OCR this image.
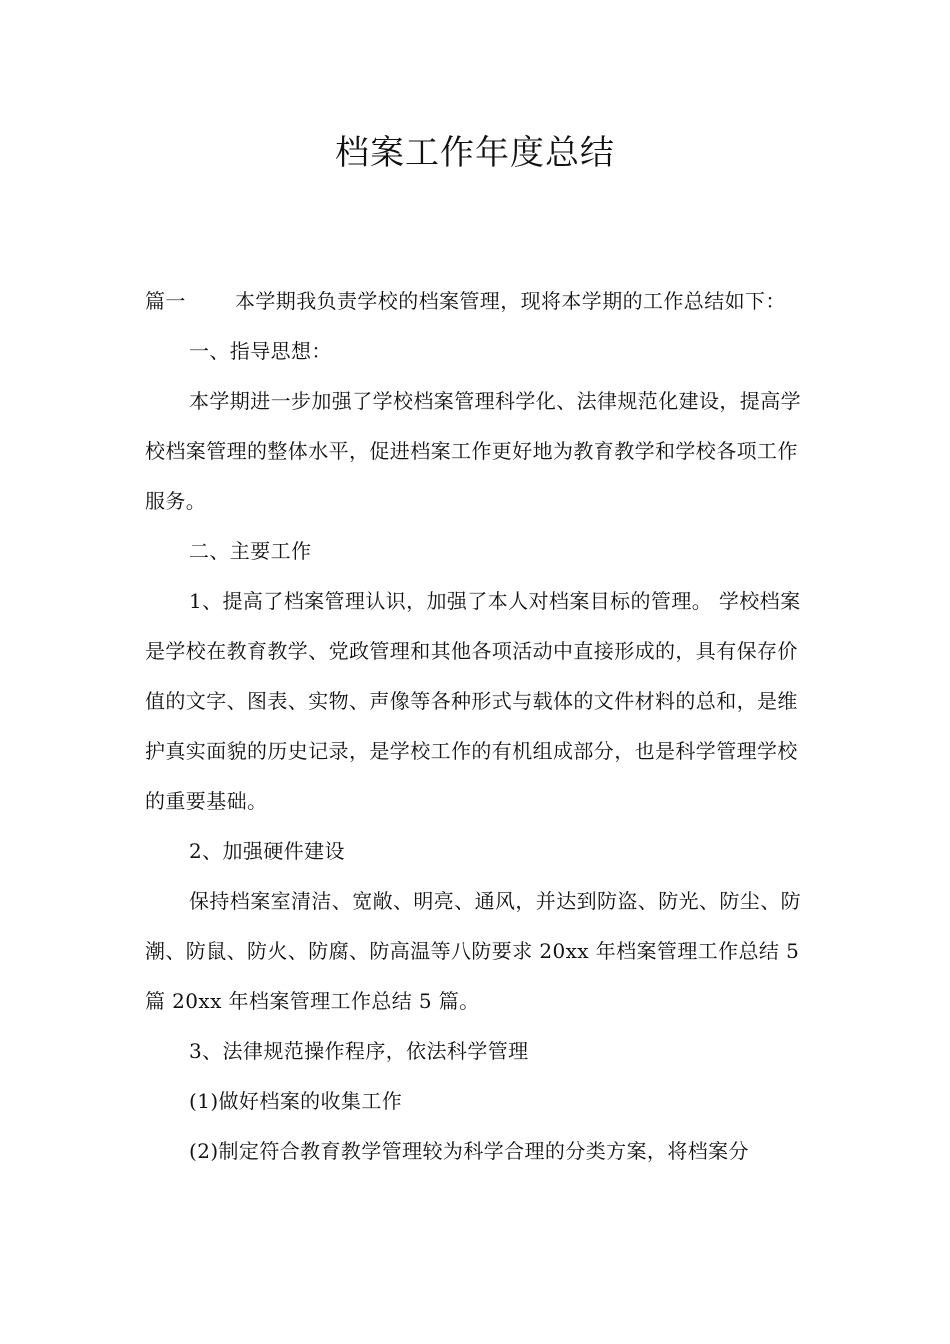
档案工作年度总结

篇一 本学期我负责学校的档案管理，现将本学期的工作总结如下：

一、指导思想：

本学期进一步加强了学校档案管理科学化、法律规范化建设，提高学校档案管理的整体水平，促进档案工作更好地为教育教学和学校各项工作服务。

二、主要工作

1、提高了档案管理认识，加强了本人对档案目标的管理。 学校档案是学校在教育教学、党政管理和其他各项活动中直接形成的，具有保存价值的文字、图表、实物、声像等各种形式与载体的文件材料的总和，是维护真实面貌的历史记录，是学校工作的有机组成部分，也是科学管理学校的重要基础。

2、加强硬件建设

保持档案室清洁、宽敞、明亮、通风，并达到防盗、防光、防尘、防潮、防鼠、防火、防腐、防高温等八防要求 20xx 年档案管理工作总结 5 篇 20xx 年档案管理工作总结 5 篇。

3、法律规范操作程序，依法科学管理

(1)做好档案的收集工作

(2)制定符合教育教学管理较为科学合理的分类方案，将档案分
